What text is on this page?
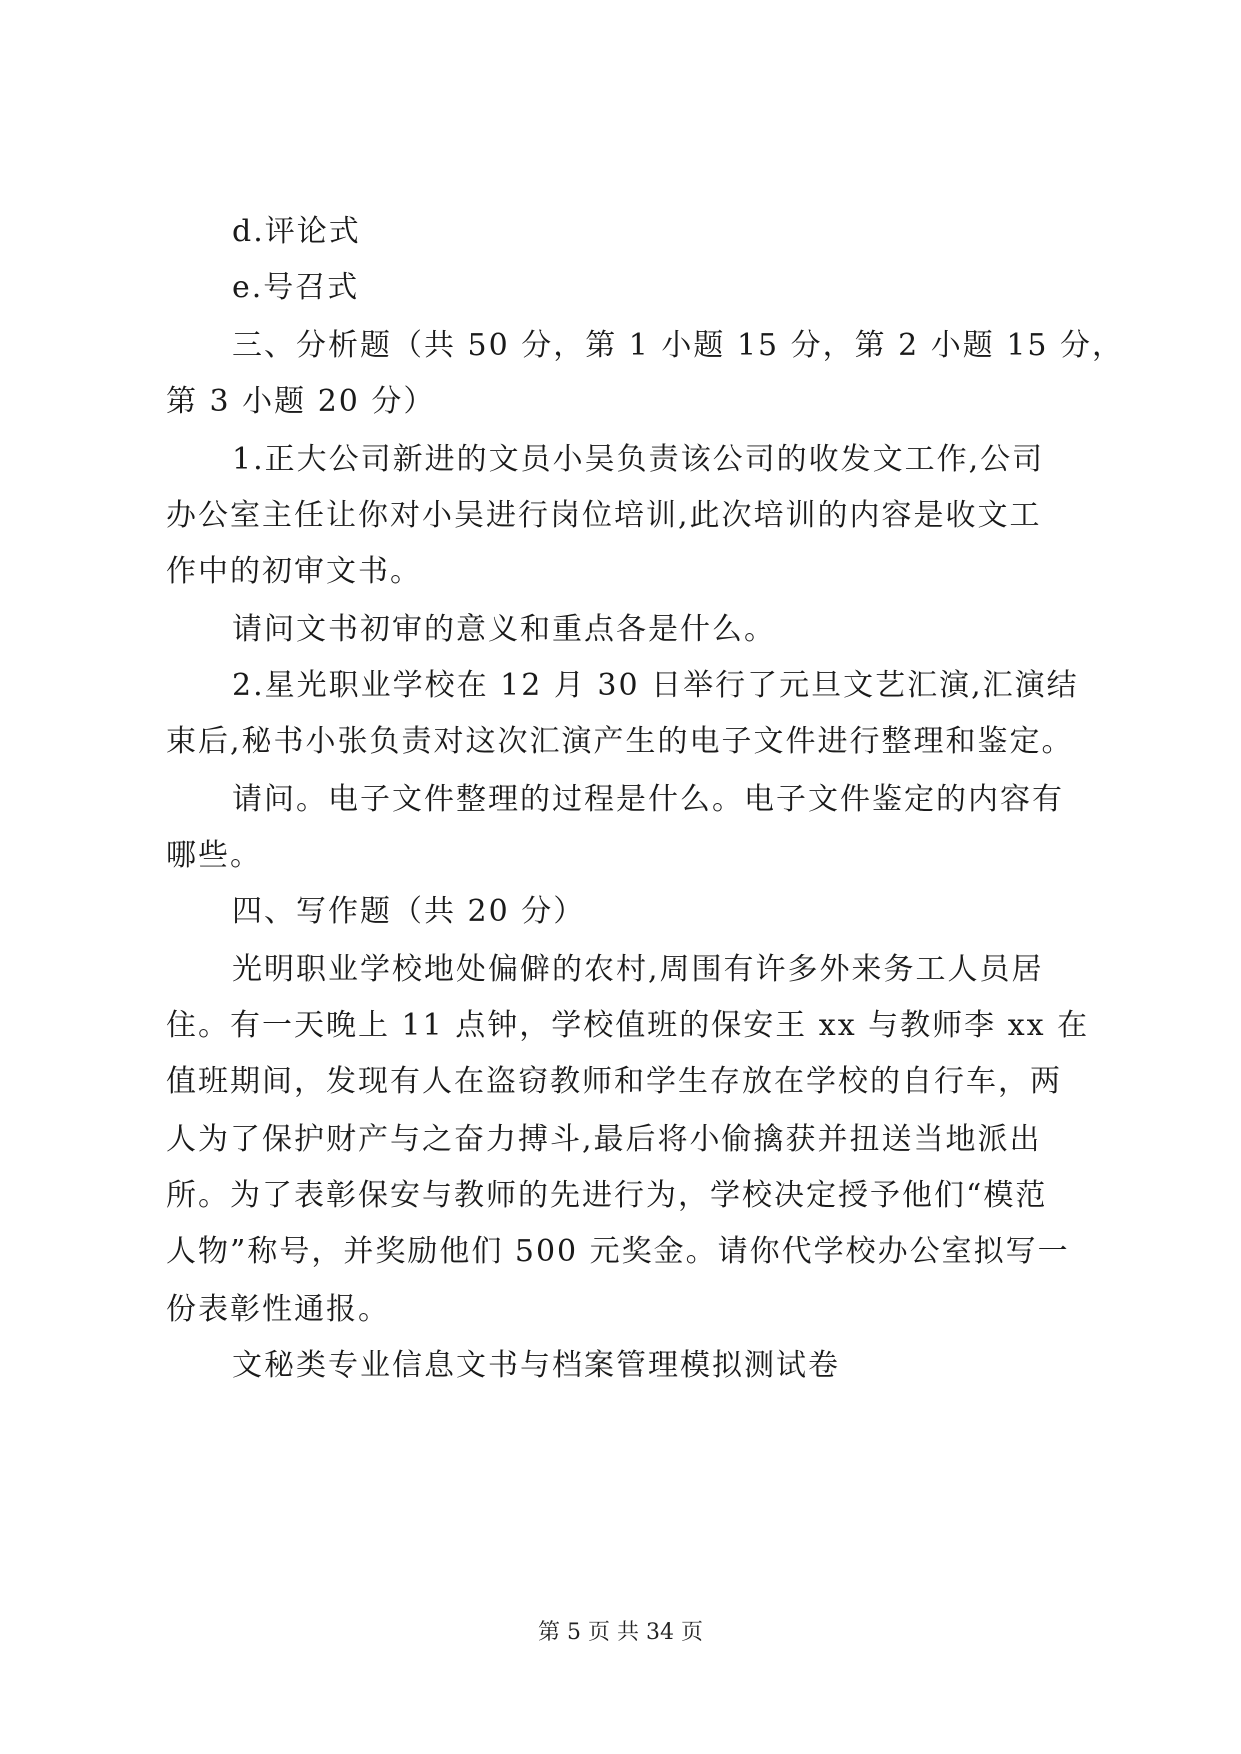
d.评论式
e.号召式
三、分析题（共 50 分，第 1 小题 15 分，第 2 小题 15 分，
第 3 小题 20 分）
1.正大公司新进的文员小吴负责该公司的收发文工作,公司
办公室主任让你对小吴进行岗位培训,此次培训的内容是收文工
作中的初审文书。
请问文书初审的意义和重点各是什么。
2.星光职业学校在 12 月 30 日举行了元旦文艺汇演,汇演结
束后,秘书小张负责对这次汇演产生的电子文件进行整理和鉴定。
请问。电子文件整理的过程是什么。电子文件鉴定的内容有
哪些。
四、写作题（共 20 分）
光明职业学校地处偏僻的农村,周围有许多外来务工人员居
住。有一天晚上 11 点钟，学校值班的保安王 xx 与教师李 xx 在
值班期间，发现有人在盗窃教师和学生存放在学校的自行车，两
人为了保护财产与之奋力搏斗,最后将小偷擒获并扭送当地派出
所。为了表彰保安与教师的先进行为，学校决定授予他们“模范
人物”称号，并奖励他们 500 元奖金。请你代学校办公室拟写一
份表彰性通报。
文秘类专业信息文书与档案管理模拟测试卷
第 5 页 共 34 页
